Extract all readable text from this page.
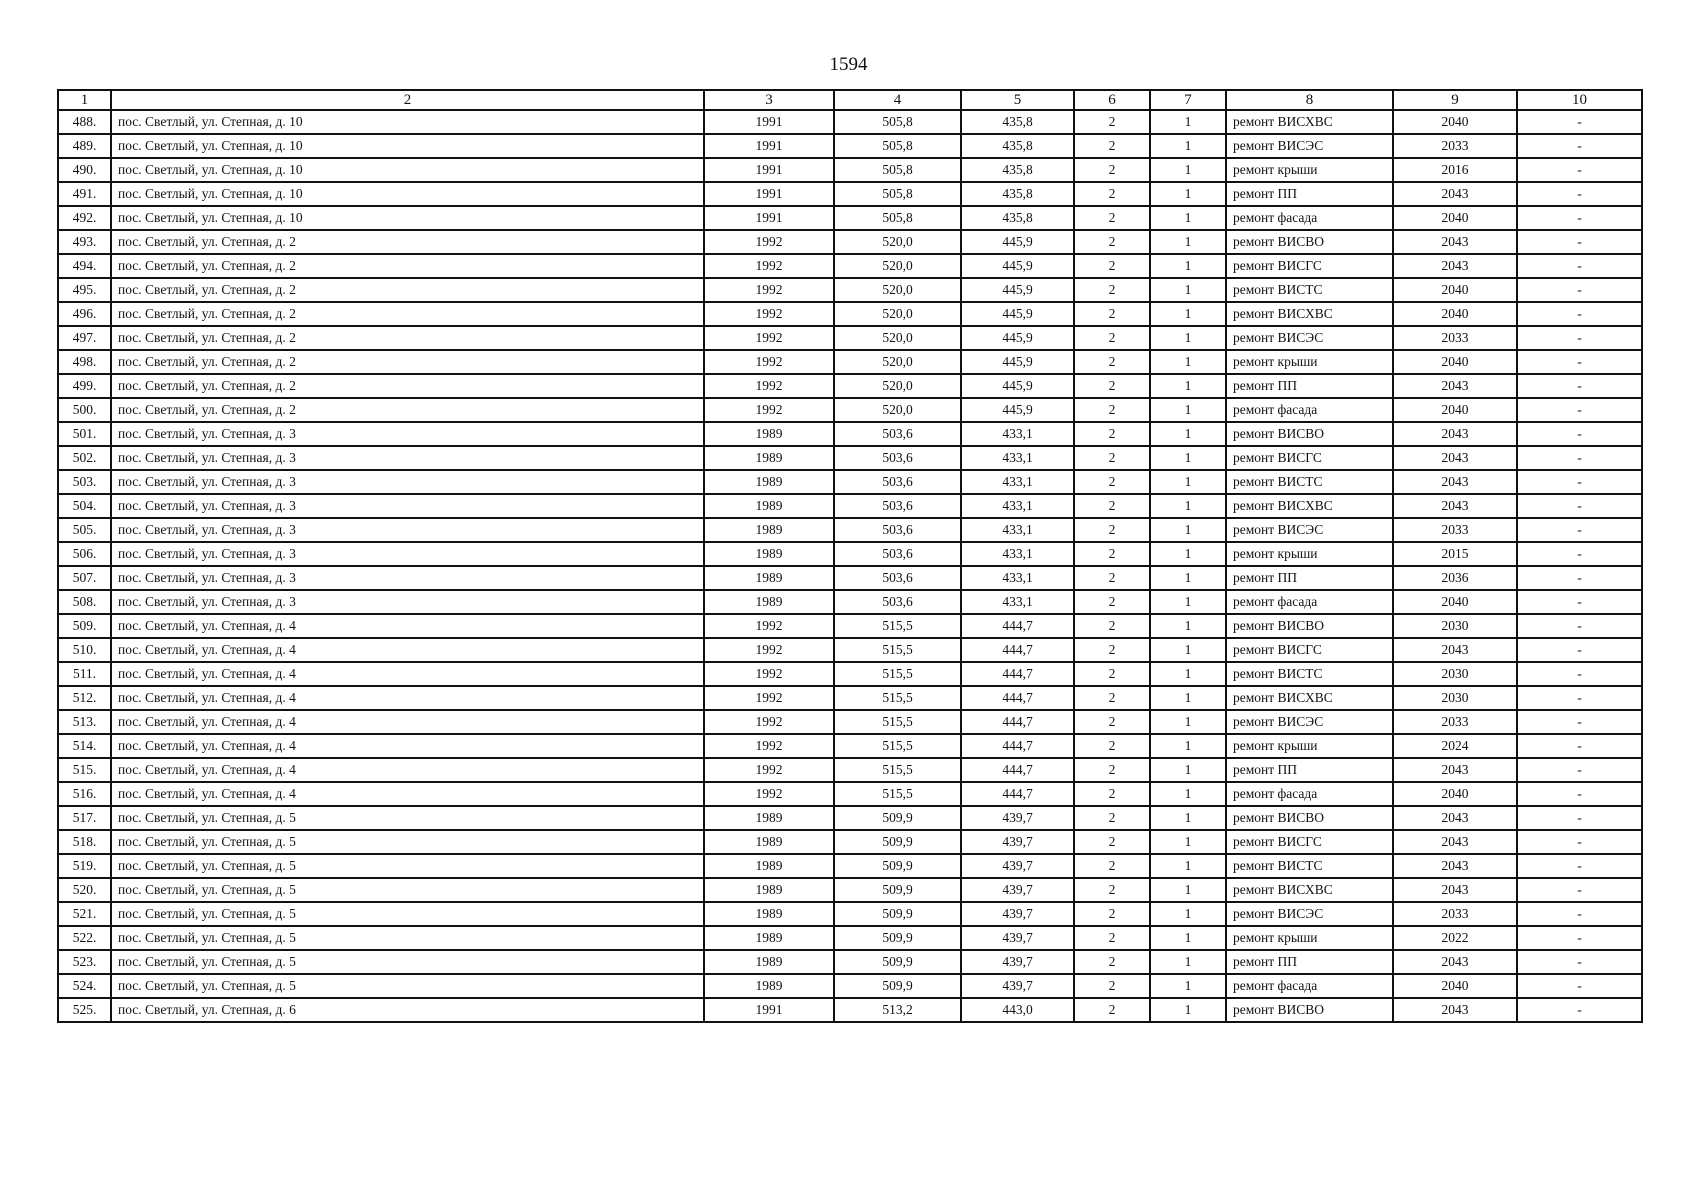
1594
1	2	3	4	5	6	7	8	9	10
488.	пос. Светлый, ул. Степная, д. 10	1991	505,8	435,8	2	1	ремонт ВИСХВС	2040	-
489.	пос. Светлый, ул. Степная, д. 10	1991	505,8	435,8	2	1	ремонт ВИСЭС	2033	-
490.	пос. Светлый, ул. Степная, д. 10	1991	505,8	435,8	2	1	ремонт крыши	2016	-
491.	пос. Светлый, ул. Степная, д. 10	1991	505,8	435,8	2	1	ремонт ПП	2043	-
492.	пос. Светлый, ул. Степная, д. 10	1991	505,8	435,8	2	1	ремонт фасада	2040	-
493.	пос. Светлый, ул. Степная, д. 2	1992	520,0	445,9	2	1	ремонт ВИСВО	2043	-
494.	пос. Светлый, ул. Степная, д. 2	1992	520,0	445,9	2	1	ремонт ВИСГС	2043	-
495.	пос. Светлый, ул. Степная, д. 2	1992	520,0	445,9	2	1	ремонт ВИСТС	2040	-
496.	пос. Светлый, ул. Степная, д. 2	1992	520,0	445,9	2	1	ремонт ВИСХВС	2040	-
497.	пос. Светлый, ул. Степная, д. 2	1992	520,0	445,9	2	1	ремонт ВИСЭС	2033	-
498.	пос. Светлый, ул. Степная, д. 2	1992	520,0	445,9	2	1	ремонт крыши	2040	-
499.	пос. Светлый, ул. Степная, д. 2	1992	520,0	445,9	2	1	ремонт ПП	2043	-
500.	пос. Светлый, ул. Степная, д. 2	1992	520,0	445,9	2	1	ремонт фасада	2040	-
501.	пос. Светлый, ул. Степная, д. 3	1989	503,6	433,1	2	1	ремонт ВИСВО	2043	-
502.	пос. Светлый, ул. Степная, д. 3	1989	503,6	433,1	2	1	ремонт ВИСГС	2043	-
503.	пос. Светлый, ул. Степная, д. 3	1989	503,6	433,1	2	1	ремонт ВИСТС	2043	-
504.	пос. Светлый, ул. Степная, д. 3	1989	503,6	433,1	2	1	ремонт ВИСХВС	2043	-
505.	пос. Светлый, ул. Степная, д. 3	1989	503,6	433,1	2	1	ремонт ВИСЭС	2033	-
506.	пос. Светлый, ул. Степная, д. 3	1989	503,6	433,1	2	1	ремонт крыши	2015	-
507.	пос. Светлый, ул. Степная, д. 3	1989	503,6	433,1	2	1	ремонт ПП	2036	-
508.	пос. Светлый, ул. Степная, д. 3	1989	503,6	433,1	2	1	ремонт фасада	2040	-
509.	пос. Светлый, ул. Степная, д. 4	1992	515,5	444,7	2	1	ремонт ВИСВО	2030	-
510.	пос. Светлый, ул. Степная, д. 4	1992	515,5	444,7	2	1	ремонт ВИСГС	2043	-
511.	пос. Светлый, ул. Степная, д. 4	1992	515,5	444,7	2	1	ремонт ВИСТС	2030	-
512.	пос. Светлый, ул. Степная, д. 4	1992	515,5	444,7	2	1	ремонт ВИСХВС	2030	-
513.	пос. Светлый, ул. Степная, д. 4	1992	515,5	444,7	2	1	ремонт ВИСЭС	2033	-
514.	пос. Светлый, ул. Степная, д. 4	1992	515,5	444,7	2	1	ремонт крыши	2024	-
515.	пос. Светлый, ул. Степная, д. 4	1992	515,5	444,7	2	1	ремонт ПП	2043	-
516.	пос. Светлый, ул. Степная, д. 4	1992	515,5	444,7	2	1	ремонт фасада	2040	-
517.	пос. Светлый, ул. Степная, д. 5	1989	509,9	439,7	2	1	ремонт ВИСВО	2043	-
518.	пос. Светлый, ул. Степная, д. 5	1989	509,9	439,7	2	1	ремонт ВИСГС	2043	-
519.	пос. Светлый, ул. Степная, д. 5	1989	509,9	439,7	2	1	ремонт ВИСТС	2043	-
520.	пос. Светлый, ул. Степная, д. 5	1989	509,9	439,7	2	1	ремонт ВИСХВС	2043	-
521.	пос. Светлый, ул. Степная, д. 5	1989	509,9	439,7	2	1	ремонт ВИСЭС	2033	-
522.	пос. Светлый, ул. Степная, д. 5	1989	509,9	439,7	2	1	ремонт крыши	2022	-
523.	пос. Светлый, ул. Степная, д. 5	1989	509,9	439,7	2	1	ремонт ПП	2043	-
524.	пос. Светлый, ул. Степная, д. 5	1989	509,9	439,7	2	1	ремонт фасада	2040	-
525.	пос. Светлый, ул. Степная, д. 6	1991	513,2	443,0	2	1	ремонт ВИСВО	2043	-
